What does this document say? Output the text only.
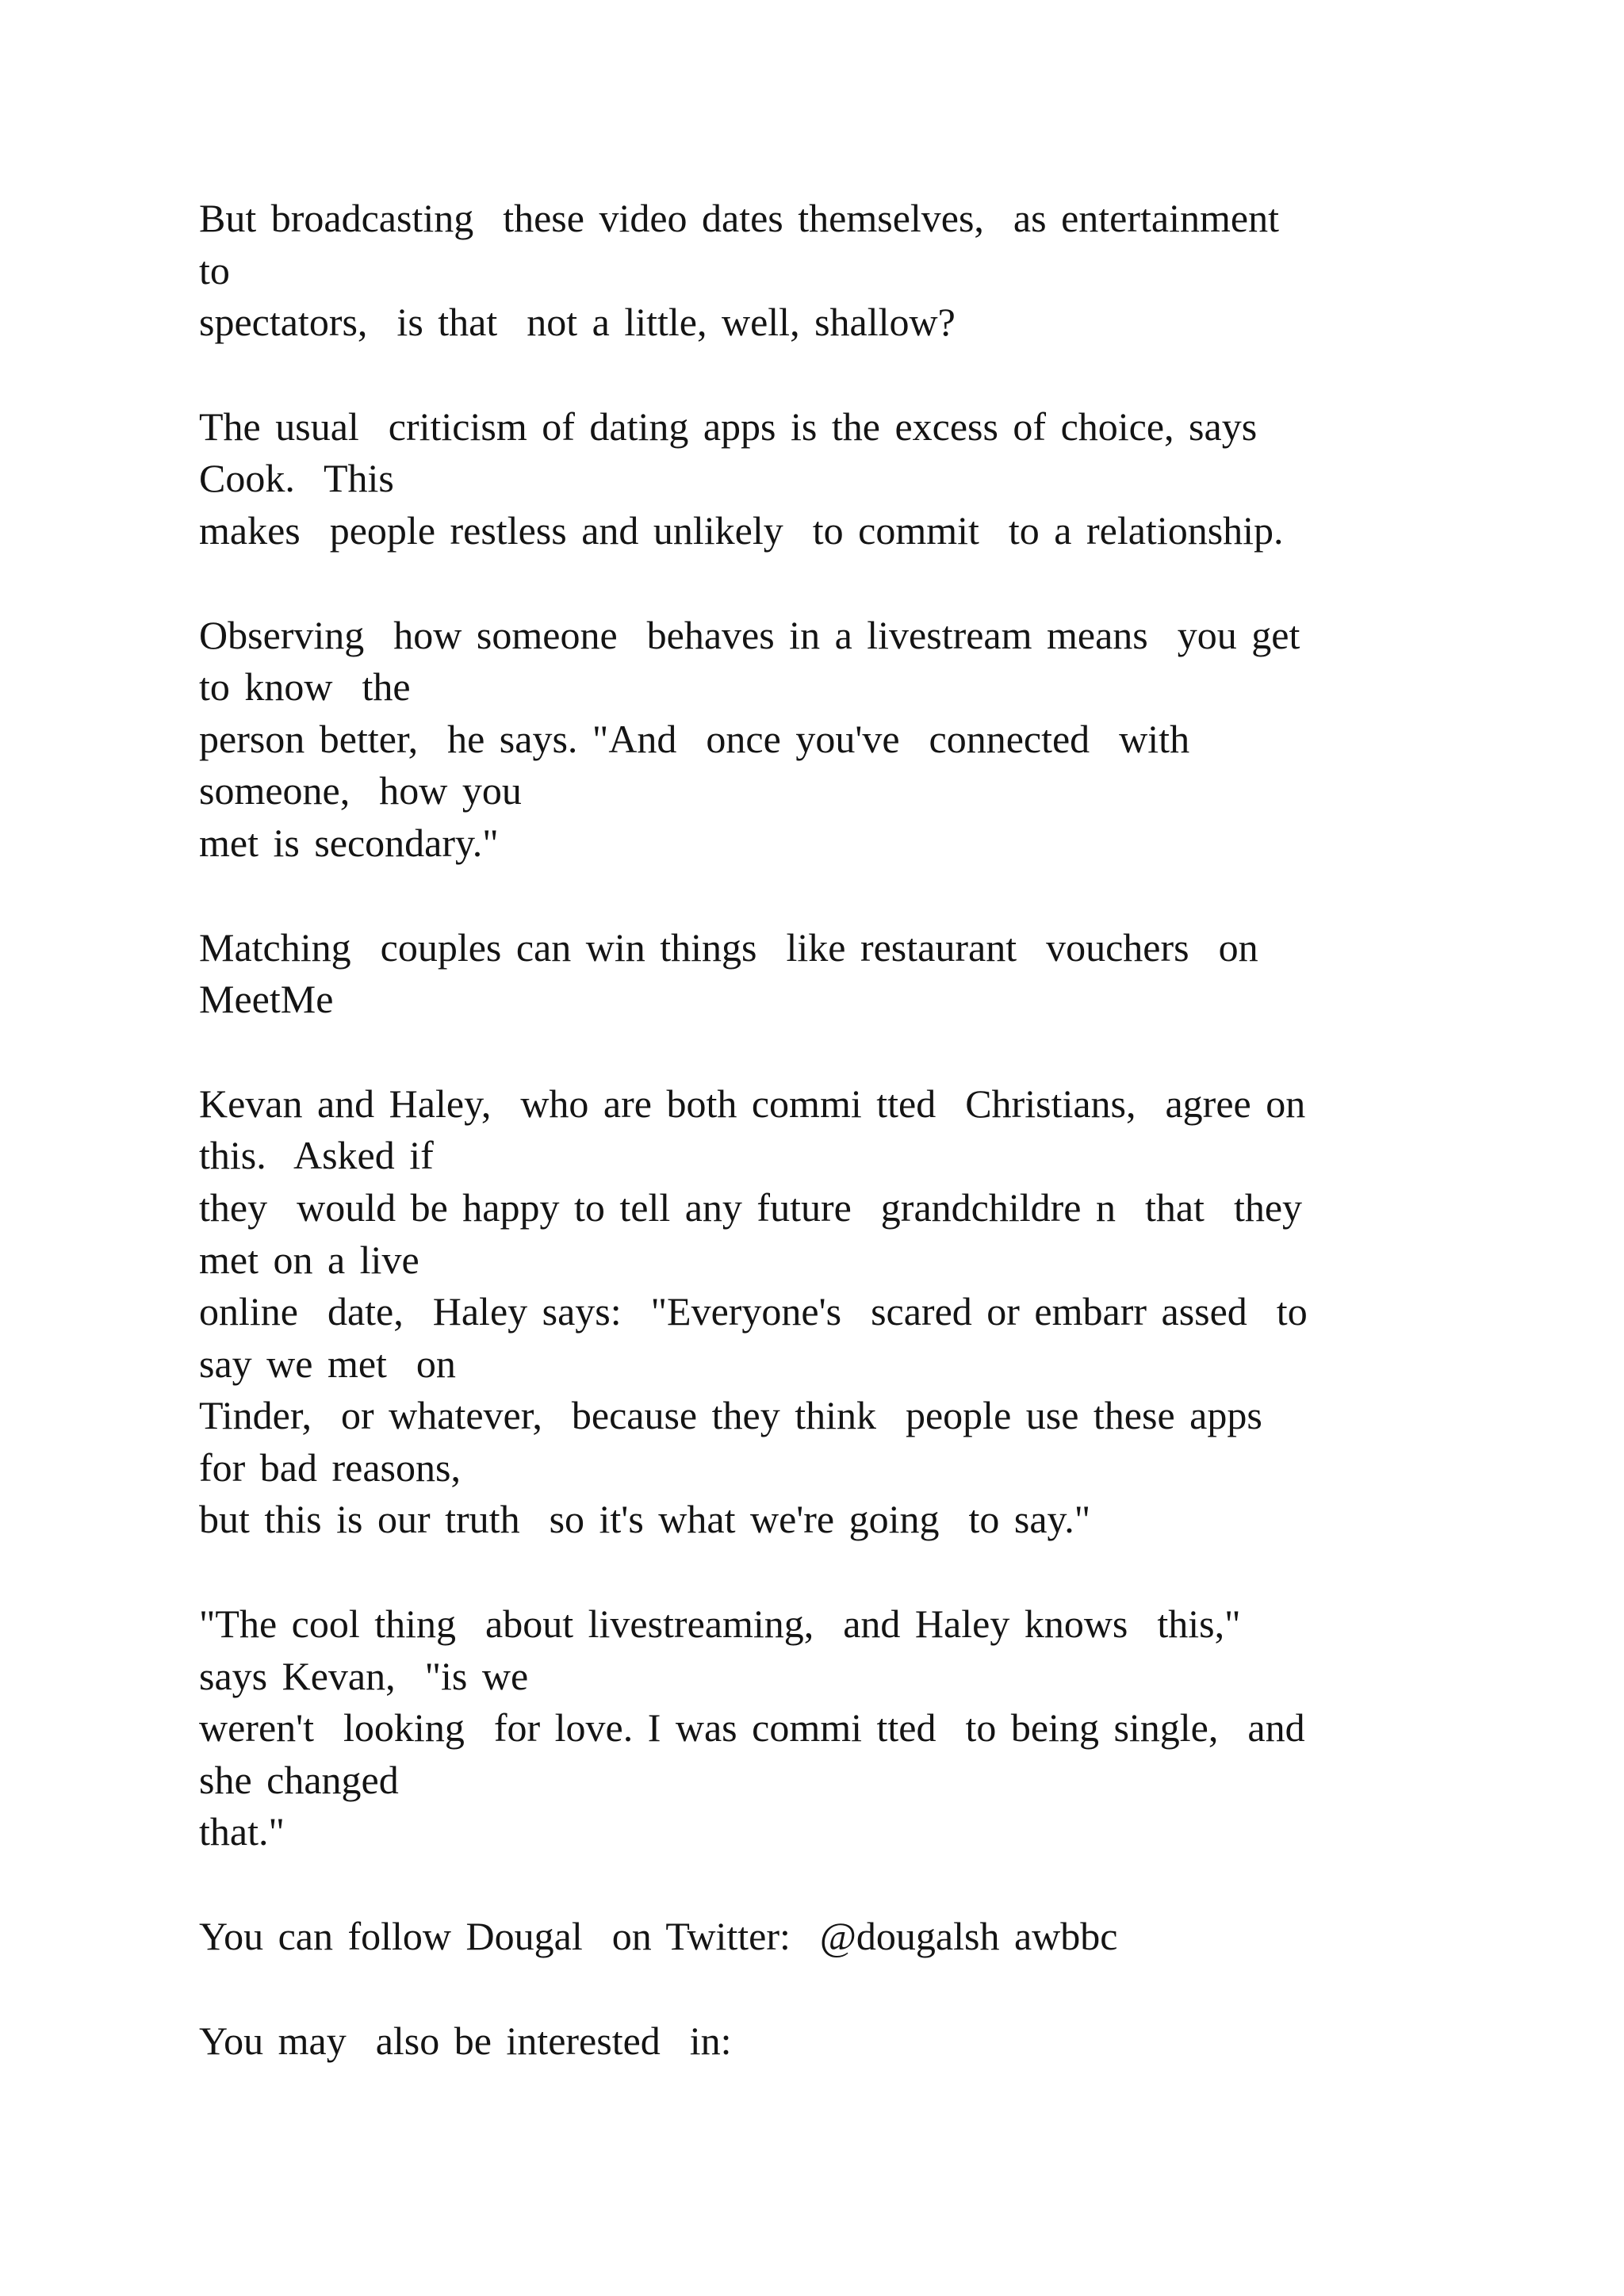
But broadcasting  these video dates themselves,  as entertainment
to
spectators,  is that  not a little, well, shallow?
The usual  criticism of dating apps is the excess of choice, says
Cook.  This
makes  people restless and unlikely  to commit  to a relationship.
Observing  how someone  behaves in a livestream means  you get
to know  the
person better,  he says. "And  once you've  connected  with
someone,  how you
met is secondary."
Matching  couples can win things  like restaurant  vouchers  on
MeetMe
Kevan and Haley,  who are both commi tted  Christians,  agree on
this.  Asked if
they  would be happy to tell any future  grandchildre n  that  they
met on a live
online  date,  Haley says:  "Everyone's  scared or embarr assed  to
say we met  on
Tinder,  or whatever,  because they think  people use these apps
for bad reasons,
but this is our truth  so it's what we're going  to say."
"The cool thing  about livestreaming,  and Haley knows  this,"
says Kevan,  "is we
weren't  looking  for love. I was commi tted  to being single,  and
she changed
that."
You can follow Dougal  on Twitter:  @dougalsh awbbc
You may  also be interested  in:
